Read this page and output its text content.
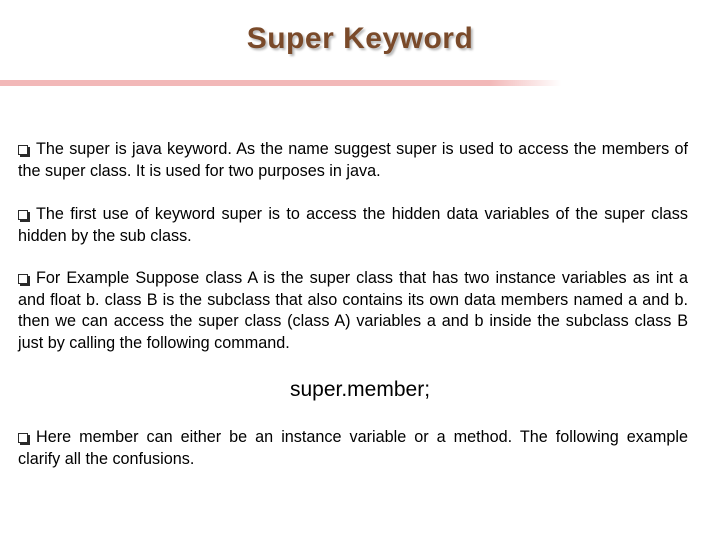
Super Keyword
The super is java keyword. As the name suggest super is used to access the members of the super class. It is used for two purposes in java.
The first use of keyword super is to access the hidden data variables of the super class hidden by the sub class.
For Example Suppose class A is the super class that has two instance variables as int a and float b. class B is the subclass that also contains its own data members named a and b. then we can access the super class (class A) variables a and b inside the subclass class B just by calling the following command.
super.member;
Here member can either be an instance variable or a method. The following example clarify all the confusions.
